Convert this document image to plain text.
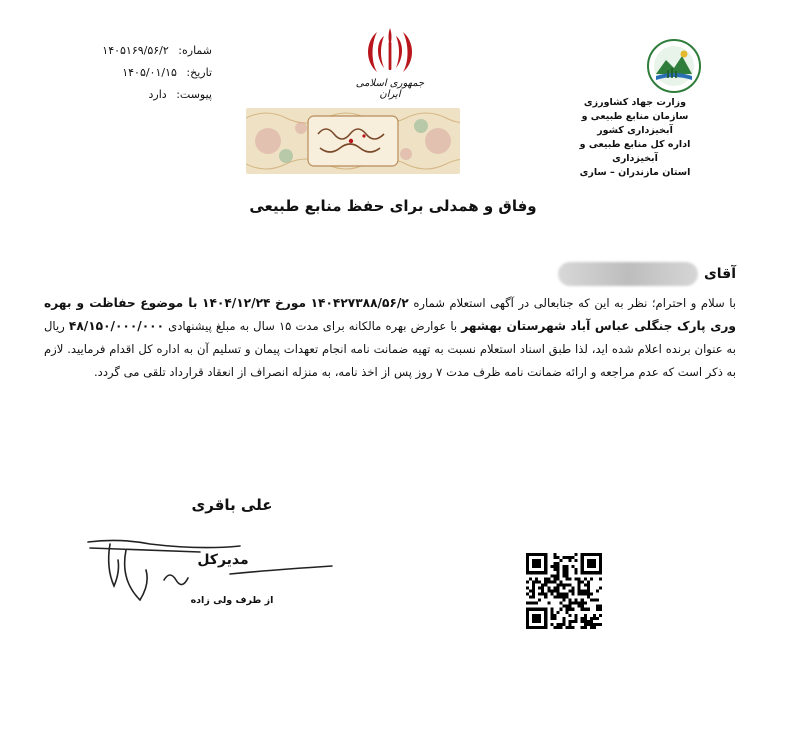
شماره: ۱۴۰۵۱۶۹/۵۶/۲
تاریخ: ۱۴۰۵/۰۱/۱۵
پیوست: دارد
جمهوری اسلامی ایران
وزارت جهاد کشاورزی
سازمان منابع طبیعی و آبخیزداری کشور
اداره کل منابع طبیعی و آبخیزداری
استان مازندران – ساری
وفاق و همدلی برای حفظ منابع طبیعی
آقای
با سلام و احترام؛ نظر به این که جنابعالی در آگهی استعلام شماره ۱۴۰۴۲۷۳۸۸/۵۶/۲ مورخ ۱۴۰۴/۱۲/۲۴ با موضوع حفاظت و بهره وری پارک جنگلی عباس آباد شهرستان بهشهر با عوارض بهره مالکانه برای مدت ۱۵ سال به مبلغ پیشنهادی ۴۸/۱۵۰/۰۰۰/۰۰۰ ریال به عنوان برنده اعلام شده اید، لذا طبق اسناد استعلام نسبت به تهیه ضمانت نامه انجام تعهدات پیمان و تسلیم آن به اداره کل اقدام فرمایید. لازم به ذکر است که عدم مراجعه و ارائه ضمانت نامه ظرف مدت ۷ روز پس از اخذ نامه، به منزله انصراف از انعقاد قرارداد تلقی می گردد.
علی باقری
مدیرکل
از طرف ولی زاده
